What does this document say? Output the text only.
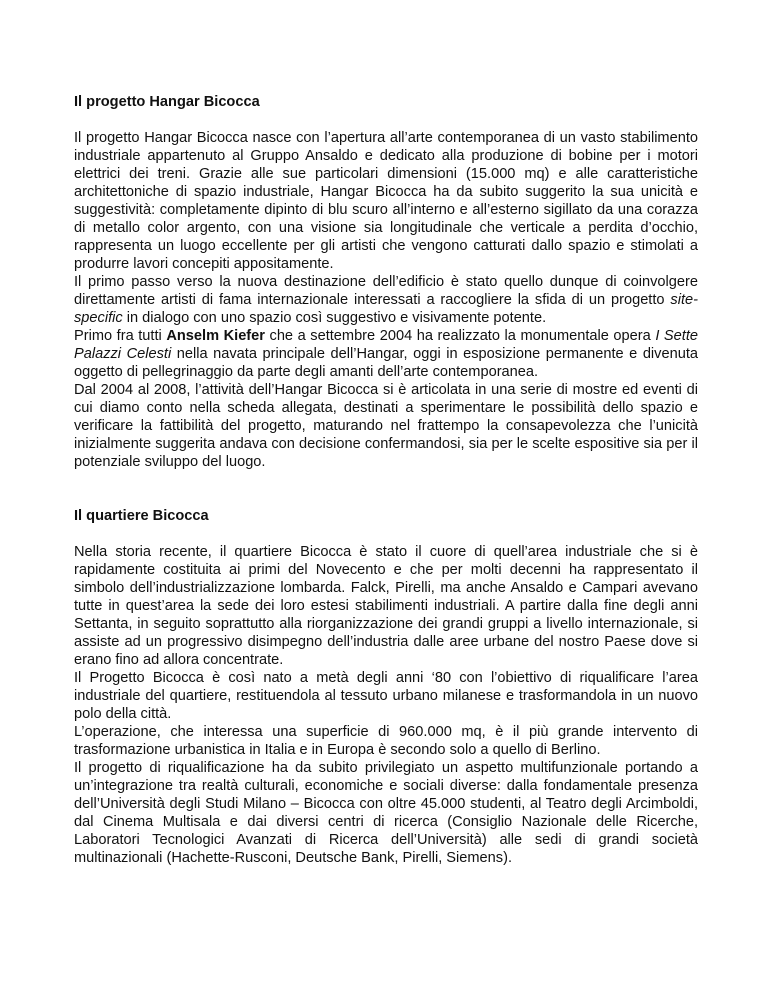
Il progetto Hangar Bicocca

Il progetto Hangar Bicocca nasce con l’apertura all’arte contemporanea di un vasto stabilimento industriale appartenuto al Gruppo Ansaldo e dedicato alla produzione di bobine per i motori elettrici dei treni. Grazie alle sue particolari dimensioni (15.000 mq) e alle caratteristiche architettoniche di spazio industriale, Hangar Bicocca ha da subito suggerito la sua unicità e suggestività: completamente dipinto di blu scuro all’interno e all’esterno sigillato da una corazza di metallo color argento, con una visione sia longitudinale che verticale a perdita d’occhio, rappresenta un luogo eccellente per gli artisti che vengono catturati dallo spazio e stimolati a produrre lavori concepiti appositamente.

Il primo passo verso la nuova destinazione dell’edificio è stato quello dunque di coinvolgere direttamente artisti di fama internazionale interessati a raccogliere la sfida di un progetto site-specific in dialogo con uno spazio così suggestivo e visivamente potente.

Primo fra tutti Anselm Kiefer che a settembre 2004 ha realizzato la monumentale opera I Sette Palazzi Celesti nella navata principale dell’Hangar, oggi in esposizione permanente e divenuta oggetto di pellegrinaggio da parte degli amanti dell’arte contemporanea.

Dal 2004 al 2008, l’attività dell’Hangar Bicocca si è articolata in una serie di mostre ed eventi di cui diamo conto nella scheda allegata, destinati a sperimentare le possibilità dello spazio e verificare la fattibilità del progetto, maturando nel frattempo la consapevolezza che l’unicità inizialmente suggerita andava con decisione confermandosi, sia per le scelte espositive sia per il potenziale sviluppo del luogo.

Il quartiere Bicocca

Nella storia recente, il quartiere Bicocca è stato il cuore di quell’area industriale che si è rapidamente costituita ai primi del Novecento e che per molti decenni ha rappresentato il simbolo dell’industrializzazione lombarda. Falck, Pirelli, ma anche Ansaldo e Campari avevano tutte in quest’area la sede dei loro estesi stabilimenti industriali. A partire dalla fine degli anni Settanta, in seguito soprattutto alla riorganizzazione dei grandi gruppi a livello internazionale, si assiste ad un progressivo disimpegno dell’industria dalle aree urbane del nostro Paese dove si erano fino ad allora concentrate.

Il Progetto Bicocca è così nato a metà degli anni ‘80 con l’obiettivo di riqualificare l’area industriale del quartiere, restituendola al tessuto urbano milanese e trasformandola in un nuovo polo della città.

L’operazione, che interessa una superficie di 960.000 mq, è il più grande intervento di trasformazione urbanistica in Italia e in Europa è secondo solo a quello di Berlino.

Il progetto di riqualificazione ha da subito privilegiato un aspetto multifunzionale portando a un’integrazione tra realtà culturali, economiche e sociali diverse: dalla fondamentale presenza dell’Università degli Studi Milano – Bicocca con oltre 45.000 studenti, al Teatro degli Arcimboldi, dal Cinema Multisala e dai diversi centri di ricerca (Consiglio Nazionale delle Ricerche, Laboratori Tecnologici Avanzati di Ricerca dell’Università) alle sedi di grandi società multinazionali (Hachette-Rusconi, Deutsche Bank, Pirelli, Siemens).
